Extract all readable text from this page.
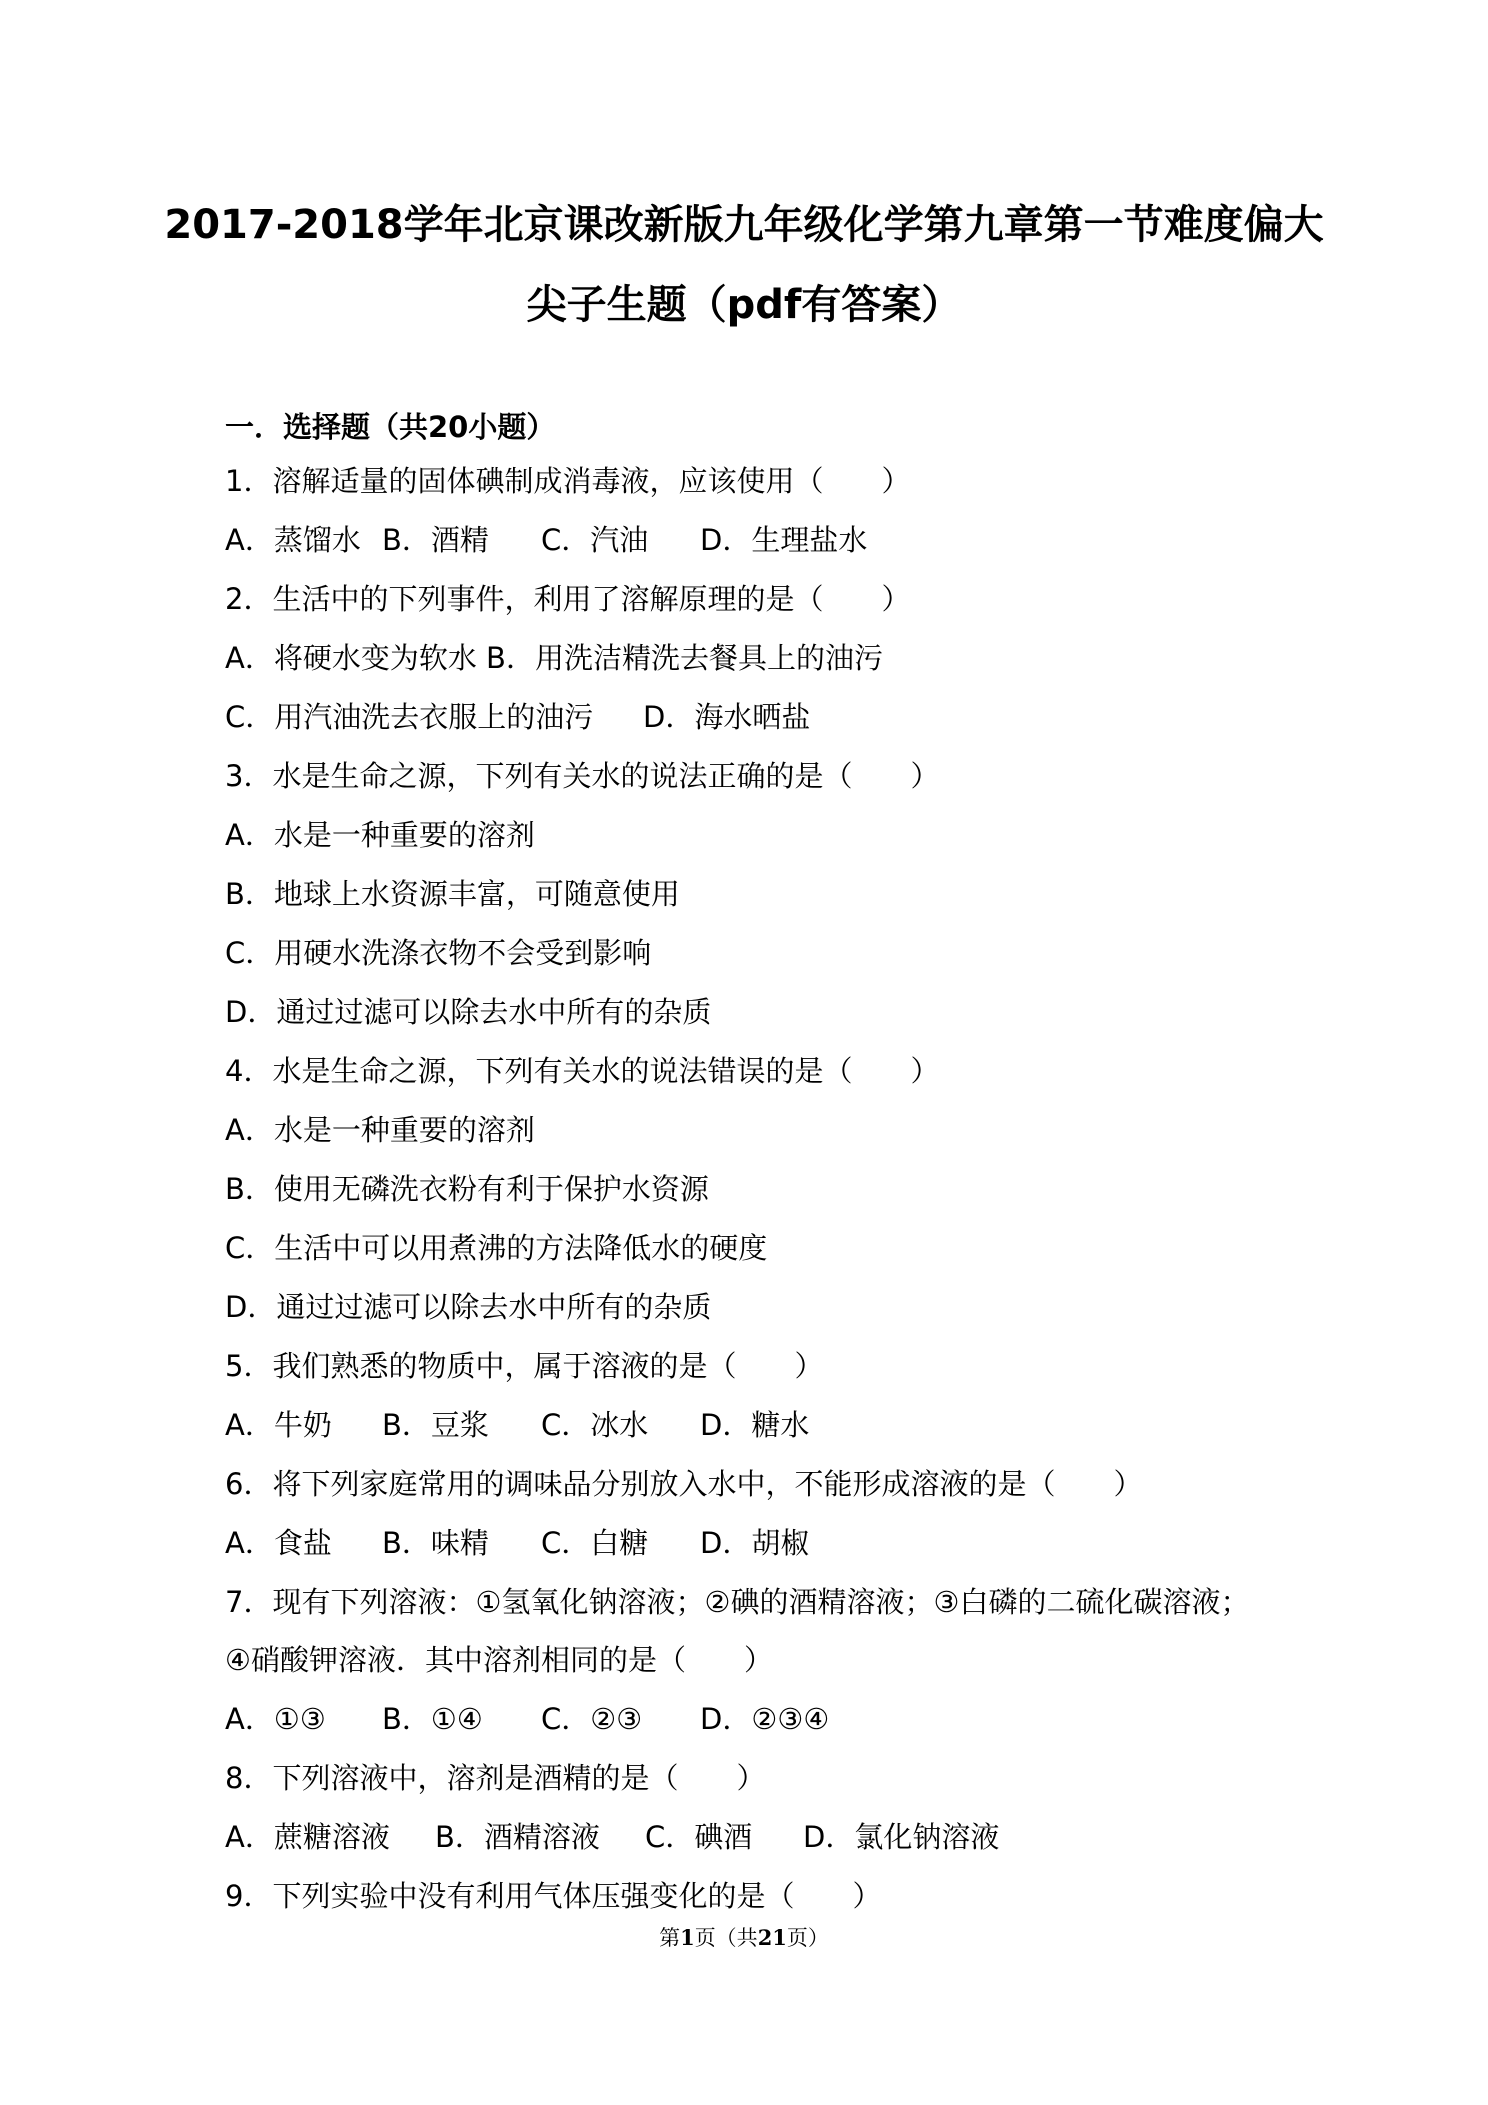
2017-2018学年北京课改新版九年级化学第九章第一节难度偏大
尖子生题（pdf有答案）
一．选择题（共20小题）
1．溶解适量的固体碘制成消毒液，应该使用（　　）
A．蒸馏水 B．酒精 C．汽油 D．生理盐水
2．生活中的下列事件，利用了溶解原理的是（　　）
A．将硬水变为软水 B．用洗洁精洗去餐具上的油污
C．用汽油洗去衣服上的油污 D．海水晒盐
3．水是生命之源，下列有关水的说法正确的是（　　）
A．水是一种重要的溶剂
B．地球上水资源丰富，可随意使用
C．用硬水洗涤衣物不会受到影响
D．通过过滤可以除去水中所有的杂质
4．水是生命之源，下列有关水的说法错误的是（　　）
A．水是一种重要的溶剂
B．使用无磷洗衣粉有利于保护水资源
C．生活中可以用煮沸的方法降低水的硬度
D．通过过滤可以除去水中所有的杂质
5．我们熟悉的物质中，属于溶液的是（　　）
A．牛奶 B．豆浆 C．冰水 D．糖水
6．将下列家庭常用的调味品分别放入水中，不能形成溶液的是（　　）
A．食盐 B．味精 C．白糖 D．胡椒
7．现有下列溶液：①氢氧化钠溶液；②碘的酒精溶液；③白磷的二硫化碳溶液；
④硝酸钾溶液．其中溶剂相同的是（　　）
A．①③ B．①④ C．②③ D．②③④
8．下列溶液中，溶剂是酒精的是（　　）
A．蔗糖溶液 B．酒精溶液 C．碘酒 D．氯化钠溶液
9．下列实验中没有利用气体压强变化的是（　　）
第1页（共21页）
